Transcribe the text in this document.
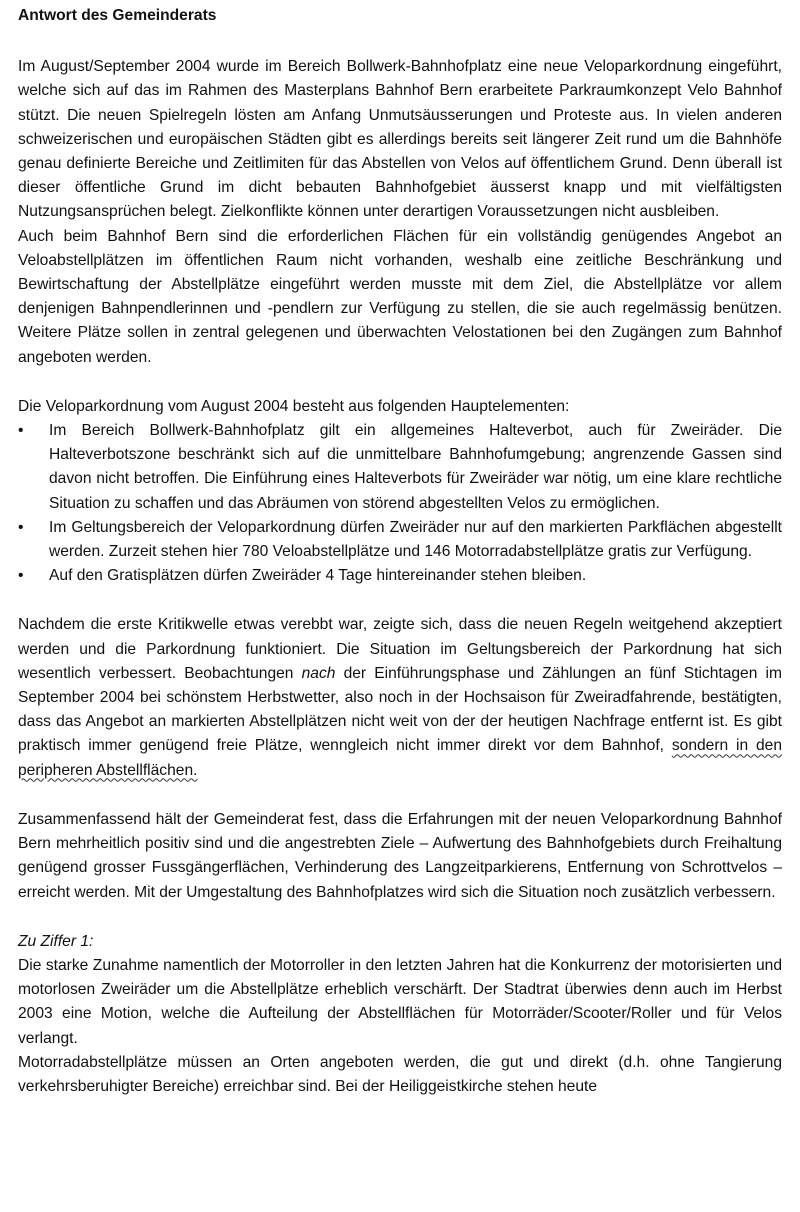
Antwort des Gemeinderats

Im August/September 2004 wurde im Bereich Bollwerk-Bahnhofplatz eine neue Veloparkordnung eingeführt, welche sich auf das im Rahmen des Masterplans Bahnhof Bern erarbeitete Parkraumkonzept Velo Bahnhof stützt. Die neuen Spielregeln lösten am Anfang Unmutsäusserungen und Proteste aus. In vielen anderen schweizerischen und europäischen Städten gibt es allerdings bereits seit längerer Zeit rund um die Bahnhöfe genau definierte Bereiche und Zeitlimiten für das Abstellen von Velos auf öffentlichem Grund. Denn überall ist dieser öffentliche Grund im dicht bebauten Bahnhofgebiet äusserst knapp und mit vielfältigsten Nutzungsansprüchen belegt. Zielkonflikte können unter derartigen Voraussetzungen nicht ausbleiben.

Auch beim Bahnhof Bern sind die erforderlichen Flächen für ein vollständig genügendes Angebot an Veloabstellplätzen im öffentlichen Raum nicht vorhanden, weshalb eine zeitliche Beschränkung und Bewirtschaftung der Abstellplätze eingeführt werden musste mit dem Ziel, die Abstellplätze vor allem denjenigen Bahnpendlerinnen und -pendlern zur Verfügung zu stellen, die sie auch regelmässig benützen. Weitere Plätze sollen in zentral gelegenen und überwachten Velostationen bei den Zugängen zum Bahnhof angeboten werden.

Die Veloparkordnung vom August 2004 besteht aus folgenden Hauptelementen:

•	Im Bereich Bollwerk-Bahnhofplatz gilt ein allgemeines Halteverbot, auch für Zweiräder. Die Halteverbotszone beschränkt sich auf die unmittelbare Bahnhofumgebung; angrenzende Gassen sind davon nicht betroffen. Die Einführung eines Halteverbots für Zweiräder war nötig, um eine klare rechtliche Situation zu schaffen und das Abräumen von störend abgestellten Velos zu ermöglichen.
•	Im Geltungsbereich der Veloparkordnung dürfen Zweiräder nur auf den markierten Parkflächen abgestellt werden. Zurzeit stehen hier 780 Veloabstellplätze und 146 Motorradabstellplätze gratis zur Verfügung.
•	Auf den Gratisplätzen dürfen Zweiräder 4 Tage hintereinander stehen bleiben.

Nachdem die erste Kritikwelle etwas verebbt war, zeigte sich, dass die neuen Regeln weitgehend akzeptiert werden und die Parkordnung funktioniert. Die Situation im Geltungsbereich der Parkordnung hat sich wesentlich verbessert. Beobachtungen nach der Einführungsphase und Zählungen an fünf Stichtagen im September 2004 bei schönstem Herbstwetter, also noch in der Hochsaison für Zweiradfahrende, bestätigten, dass das Angebot an markierten Abstellplätzen nicht weit von der der heutigen Nachfrage entfernt ist. Es gibt praktisch immer genügend freie Plätze, wenngleich nicht immer direkt vor dem Bahnhof, sondern in den peripheren Abstellflächen.

Zusammenfassend hält der Gemeinderat fest, dass die Erfahrungen mit der neuen Veloparkordnung Bahnhof Bern mehrheitlich positiv sind und die angestrebten Ziele – Aufwertung des Bahnhofgebiets durch Freihaltung genügend grosser Fussgängerflächen, Verhinderung des Langzeitparkierens, Entfernung von Schrottvelos – erreicht werden. Mit der Umgestaltung des Bahnhofplatzes wird sich die Situation noch zusätzlich verbessern.

Zu Ziffer 1:

Die starke Zunahme namentlich der Motorroller in den letzten Jahren hat die Konkurrenz der motorisierten und motorlosen Zweiräder um die Abstellplätze erheblich verschärft. Der Stadtrat überwies denn auch im Herbst 2003 eine Motion, welche die Aufteilung der Abstellflächen für Motorräder/Scooter/Roller und für Velos verlangt.

Motorradabstellplätze müssen an Orten angeboten werden, die gut und direkt (d.h. ohne Tangierung verkehrsberuhigter Bereiche) erreichbar sind. Bei der Heiliggeistkirche stehen heute
